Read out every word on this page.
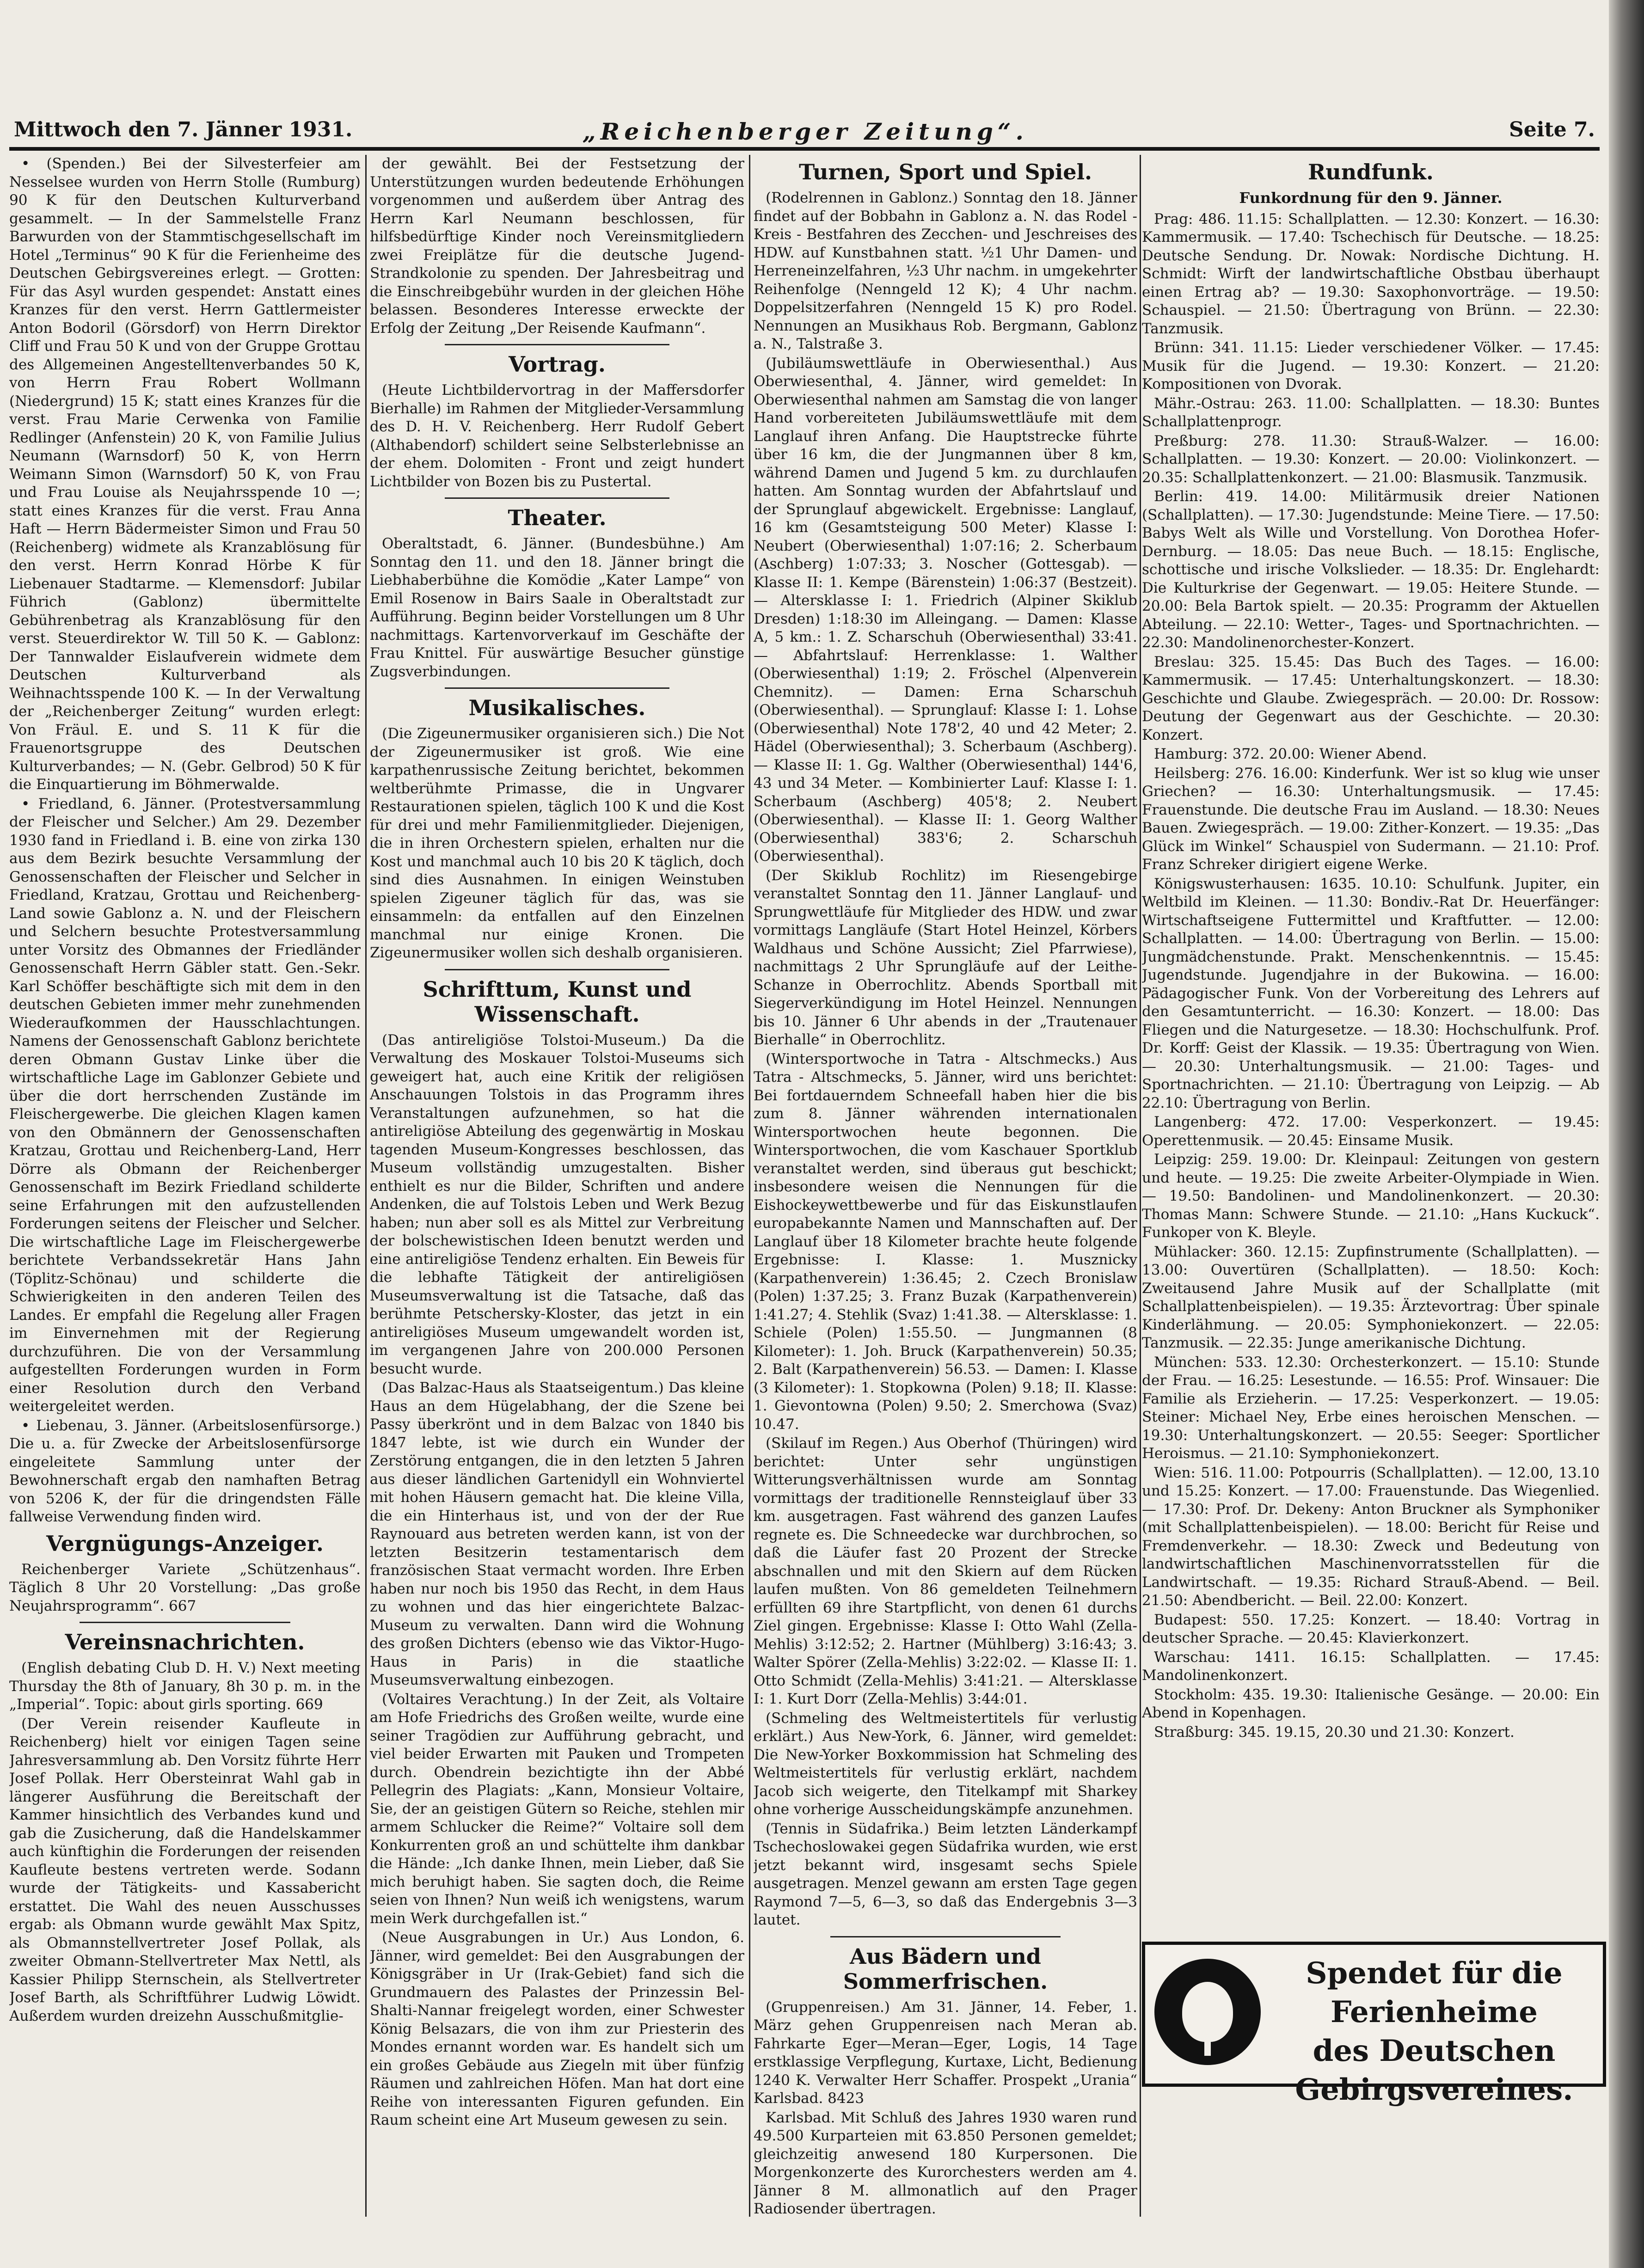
Mittwoch den 7. Jänner 1931.	„Reichenberger Zeitung“.	Seite 7.

• (Spenden.) Bei der Silvesterfeier am Nesselsee wurden von Herrn Stolle (Rumburg) 90 K für den Deutschen Kulturverband gesammelt. — In der Sammelstelle Franz Barwurden von der Stammtischgesellschaft im Hotel „Terminus“ 90 K für die Ferienheime des Deutschen Gebirgsvereines erlegt. — Grotten: Für das Asyl wurden gespendet: Anstatt eines Kranzes für den verst. Herrn Gattlermeister Anton Bodoril (Görsdorf) von Herrn Direktor Cliff und Frau 50 K und von der Gruppe Grottau des Allgemeinen Angestelltenverbandes 50 K, von Herrn Frau Robert Wollmann (Niedergrund) 15 K; statt eines Kranzes für die verst. Frau Marie Cerwenka von Familie Redlinger (Anfenstein) 20 K, von Familie Julius Neumann (Warnsdorf) 50 K, von Herrn Weimann Simon (Warnsdorf) 50 K, von Frau und Frau Louise als Neujahrsspende 10 —; statt eines Kranzes für die verst. Frau Anna Haft — Herrn Bädermeister Simon und Frau 50 (Reichenberg) widmete als Kranzablösung für den verst. Herrn Konrad Hörbe K für Liebenauer Stadtarme. — Klemensdorf: Jubilar Führich (Gablonz) übermittelte Gebührenbetrag als Kranzablösung für den verst. Steuerdirektor W. Till 50 K. — Gablonz: Der Tannwalder Eislaufverein widmete dem Deutschen Kulturverband als Weihnachtsspende 100 K. — In der Verwaltung der „Reichenberger Zeitung“ wurden erlegt: Von Fräul. E. und S. 11 K für die Frauenortsgruppe des Deutschen Kulturverbandes; — N. (Gebr. Gelbrod) 50 K für die Einquartierung im Böhmerwalde.

• Friedland, 6. Jänner. (Protestversammlung der Fleischer und Selcher.) Am 29. Dezember 1930 fand in Friedland i. B. eine von zirka 130 aus dem Bezirk besuchte Versammlung der Genossenschaften der Fleischer und Selcher in Friedland, Kratzau, Grottau und Reichenberg-Land sowie Gablonz a. N. und der Fleischern und Selchern besuchte Protestversammlung unter Vorsitz des Obmannes der Friedländer Genossenschaft Herrn Gäbler statt. Gen.-Sekr. Karl Schöffer beschäftigte sich mit dem in den deutschen Gebieten immer mehr zunehmenden Wiederaufkommen der Hausschlachtungen. Namens der Genossenschaft Gablonz berichtete deren Obmann Gustav Linke über die wirtschaftliche Lage im Gablonzer Gebiete und über die dort herrschenden Zustände im Fleischergewerbe. Die gleichen Klagen kamen von den Obmännern der Genossenschaften Kratzau, Grottau und Reichenberg-Land, Herr Dörre als Obmann der Reichenberger Genossenschaft im Bezirk Friedland schilderte seine Erfahrungen mit den aufzustellenden Forderungen seitens der Fleischer und Selcher. Die wirtschaftliche Lage im Fleischergewerbe berichtete Verbandssekretär Hans Jahn (Töplitz-Schönau) und schilderte die Schwierigkeiten in den anderen Teilen des Landes. Er empfahl die Regelung aller Fragen im Einvernehmen mit der Regierung durchzuführen. Die von der Versammlung aufgestellten Forderungen wurden in Form einer Resolution durch den Verband weitergeleitet werden.

• Liebenau, 3. Jänner. (Arbeitslosenfürsorge.) Die u. a. für Zwecke der Arbeitslosenfürsorge eingeleitete Sammlung unter der Bewohnerschaft ergab den namhaften Betrag von 5206 K, der für die dringendsten Fälle fallweise Verwendung finden wird.

Vergnügungs-Anzeiger.

Reichenberger Variete „Schützenhaus“. Täglich 8 Uhr 20 Vorstellung: „Das große Neujahrsprogramm“. 667

Vereinsnachrichten.

(English debating Club D. H. V.) Next meeting Thursday the 8th of January, 8h 30 p. m. in the „Imperial“. Topic: about girls sporting. 669

(Der Verein reisender Kaufleute in Reichenberg) hielt vor einigen Tagen seine Jahresversammlung ab. Den Vorsitz führte Herr Josef Pollak. Herr Obersteinrat Wahl gab in längerer Ausführung die Bereitschaft der Kammer hinsichtlich des Verbandes kund und gab die Zusicherung, daß die Handelskammer auch künftighin die Forderungen der reisenden Kaufleute bestens vertreten werde. Sodann wurde der Tätigkeits- und Kassabericht erstattet. Die Wahl des neuen Ausschusses ergab: als Obmann wurde gewählt Max Spitz, als Obmannstellvertreter Josef Pollak, als zweiter Obmann-Stellvertreter Max Nettl, als Kassier Philipp Sternschein, als Stellvertreter Josef Barth, als Schriftführer Ludwig Löwidt. Außerdem wurden dreizehn Ausschußmitglie-

der gewählt. Bei der Festsetzung der Unterstützungen wurden bedeutende Erhöhungen vorgenommen und außerdem über Antrag des Herrn Karl Neumann beschlossen, für hilfsbedürftige Kinder noch Vereinsmitgliedern zwei Freiplätze für die deutsche Jugend-Strandkolonie zu spenden. Der Jahresbeitrag und die Einschreibgebühr wurden in der gleichen Höhe belassen. Besonderes Interesse erweckte der Erfolg der Zeitung „Der Reisende Kaufmann“.

Vortrag.

(Heute Lichtbildervortrag in der Maffersdorfer Bierhalle) im Rahmen der Mitglieder-Versammlung des D. H. V. Reichenberg. Herr Rudolf Gebert (Althabendorf) schildert seine Selbsterlebnisse an der ehem. Dolomiten - Front und zeigt hundert Lichtbilder von Bozen bis zu Pustertal.

Theater.

Oberaltstadt, 6. Jänner. (Bundesbühne.) Am Sonntag den 11. und den 18. Jänner bringt die Liebhaberbühne die Komödie „Kater Lampe“ von Emil Rosenow in Bairs Saale in Oberaltstadt zur Aufführung. Beginn beider Vorstellungen um 8 Uhr nachmittags. Kartenvorverkauf im Geschäfte der Frau Knittel. Für auswärtige Besucher günstige Zugsverbindungen.

Musikalisches.

(Die Zigeunermusiker organisieren sich.) Die Not der Zigeunermusiker ist groß. Wie eine karpathenrussische Zeitung berichtet, bekommen weltberühmte Primasse, die in Ungvarer Restaurationen spielen, täglich 100 K und die Kost für drei und mehr Familienmitglieder. Diejenigen, die in ihren Orchestern spielen, erhalten nur die Kost und manchmal auch 10 bis 20 K täglich, doch sind dies Ausnahmen. In einigen Weinstuben spielen Zigeuner täglich für das, was sie einsammeln: da entfallen auf den Einzelnen manchmal nur einige Kronen. Die Zigeunermusiker wollen sich deshalb organisieren.

Schrifttum, Kunst und Wissenschaft.

(Das antireligiöse Tolstoi-Museum.) Da die Verwaltung des Moskauer Tolstoi-Museums sich geweigert hat, auch eine Kritik der religiösen Anschauungen Tolstois in das Programm ihres Veranstaltungen aufzunehmen, so hat die antireligiöse Abteilung des gegenwärtig in Moskau tagenden Museum-Kongresses beschlossen, das Museum vollständig umzugestalten. Bisher enthielt es nur die Bilder, Schriften und andere Andenken, die auf Tolstois Leben und Werk Bezug haben; nun aber soll es als Mittel zur Verbreitung der bolschewistischen Ideen benutzt werden und eine antireligiöse Tendenz erhalten. Ein Beweis für die lebhafte Tätigkeit der antireligiösen Museumsverwaltung ist die Tatsache, daß das berühmte Petschersky-Kloster, das jetzt in ein antireligiöses Museum umgewandelt worden ist, im vergangenen Jahre von 200.000 Personen besucht wurde.

(Das Balzac-Haus als Staatseigentum.) Das kleine Haus an dem Hügelabhang, der die Szene bei Passy überkrönt und in dem Balzac von 1840 bis 1847 lebte, ist wie durch ein Wunder der Zerstörung entgangen, die in den letzten 5 Jahren aus dieser ländlichen Gartenidyll ein Wohnviertel mit hohen Häusern gemacht hat. Die kleine Villa, die ein Hinterhaus ist, und von der der Rue Raynouard aus betreten werden kann, ist von der letzten Besitzerin testamentarisch dem französischen Staat vermacht worden. Ihre Erben haben nur noch bis 1950 das Recht, in dem Haus zu wohnen und das hier eingerichtete Balzac-Museum zu verwalten. Dann wird die Wohnung des großen Dichters (ebenso wie das Viktor-Hugo-Haus in Paris) in die staatliche Museumsverwaltung einbezogen.

(Voltaires Verachtung.) In der Zeit, als Voltaire am Hofe Friedrichs des Großen weilte, wurde eine seiner Tragödien zur Aufführung gebracht, und viel beider Erwarten mit Pauken und Trompeten durch. Obendrein bezichtigte ihn der Abbé Pellegrin des Plagiats: „Kann, Monsieur Voltaire, Sie, der an geistigen Gütern so Reiche, stehlen mir armem Schlucker die Reime?“ Voltaire soll dem Konkurrenten groß an und schüttelte ihm dankbar die Hände: „Ich danke Ihnen, mein Lieber, daß Sie mich beruhigt haben. Sie sagten doch, die Reime seien von Ihnen? Nun weiß ich wenigstens, warum mein Werk durchgefallen ist.“

(Neue Ausgrabungen in Ur.) Aus London, 6. Jänner, wird gemeldet: Bei den Ausgrabungen der Königsgräber in Ur (Irak-Gebiet) fand sich die Grundmauern des Palastes der Prinzessin Bel-Shalti-Nannar freigelegt worden, einer Schwester König Belsazars, die von ihm zur Priesterin des Mondes ernannt worden war. Es handelt sich um ein großes Gebäude aus Ziegeln mit über fünfzig Räumen und zahlreichen Höfen. Man hat dort eine Reihe von interessanten Figuren gefunden. Ein Raum scheint eine Art Museum gewesen zu sein.

Turnen, Sport und Spiel.

(Rodelrennen in Gablonz.) Sonntag den 18. Jänner findet auf der Bobbahn in Gablonz a. N. das Rodel - Kreis - Bestfahren des Zecchen- und Jeschreises des HDW. auf Kunstbahnen statt. ½1 Uhr Damen- und Herreneinzelfahren, ½3 Uhr nachm. in umgekehrter Reihenfolge (Nenngeld 12 K); 4 Uhr nachm. Doppelsitzerfahren (Nenngeld 15 K) pro Rodel. Nennungen an Musikhaus Rob. Bergmann, Gablonz a. N., Talstraße 3.

(Jubiläumswettläufe in Oberwiesenthal.) Aus Oberwiesenthal, 4. Jänner, wird gemeldet: In Oberwiesenthal nahmen am Samstag die von langer Hand vorbereiteten Jubiläumswettläufe mit dem Langlauf ihren Anfang. Die Hauptstrecke führte über 16 km, die der Jungmannen über 8 km, während Damen und Jugend 5 km. zu durchlaufen hatten. Am Sonntag wurden der Abfahrtslauf und der Sprunglauf abgewickelt. Ergebnisse: Langlauf, 16 km (Gesamtsteigung 500 Meter) Klasse I: Neubert (Oberwiesenthal) 1:07:16; 2. Scherbaum (Aschberg) 1:07:33; 3. Noscher (Gottesgab). — Klasse II: 1. Kempe (Bärenstein) 1:06:37 (Bestzeit). — Altersklasse I: 1. Friedrich (Alpiner Skiklub Dresden) 1:18:30 im Alleingang. — Damen: Klasse A, 5 km.: 1. Z. Scharschuh (Oberwiesenthal) 33:41. — Abfahrtslauf: Herrenklasse: 1. Walther (Oberwiesenthal) 1:19; 2. Fröschel (Alpenverein Chemnitz). — Damen: Erna Scharschuh (Oberwiesenthal). — Sprunglauf: Klasse I: 1. Lohse (Oberwiesenthal) Note 178'2, 40 und 42 Meter; 2. Hädel (Oberwiesenthal); 3. Scherbaum (Aschberg). — Klasse II: 1. Gg. Walther (Oberwiesenthal) 144'6, 43 und 34 Meter. — Kombinierter Lauf: Klasse I: 1. Scherbaum (Aschberg) 405'8; 2. Neubert (Oberwiesenthal). — Klasse II: 1. Georg Walther (Oberwiesenthal) 383'6; 2. Scharschuh (Oberwiesenthal).

(Der Skiklub Rochlitz) im Riesengebirge veranstaltet Sonntag den 11. Jänner Langlauf- und Sprungwettläufe für Mitglieder des HDW. und zwar vormittags Langläufe (Start Hotel Heinzel, Körbers Waldhaus und Schöne Aussicht; Ziel Pfarrwiese), nachmittags 2 Uhr Sprungläufe auf der Leithe-Schanze in Oberrochlitz. Abends Sportball mit Siegerverkündigung im Hotel Heinzel. Nennungen bis 10. Jänner 6 Uhr abends in der „Trautenauer Bierhalle“ in Oberrochlitz.

(Wintersportwoche in Tatra - Altschmecks.) Aus Tatra - Altschmecks, 5. Jänner, wird uns berichtet: Bei fortdauerndem Schneefall haben hier die bis zum 8. Jänner währenden internationalen Wintersportwochen heute begonnen. Die Wintersportwochen, die vom Kaschauer Sportklub veranstaltet werden, sind überaus gut beschickt; insbesondere weisen die Nennungen für die Eishockeywettbewerbe und für das Eiskunstlaufen europabekannte Namen und Mannschaften auf. Der Langlauf über 18 Kilometer brachte heute folgende Ergebnisse: I. Klasse: 1. Musznicky (Karpathenverein) 1:36.45; 2. Czech Bronislaw (Polen) 1:37.25; 3. Franz Buzak (Karpathenverein) 1:41.27; 4. Stehlik (Svaz) 1:41.38. — Altersklasse: 1. Schiele (Polen) 1:55.50. — Jungmannen (8 Kilometer): 1. Joh. Bruck (Karpathenverein) 50.35; 2. Balt (Karpathenverein) 56.53. — Damen: I. Klasse (3 Kilometer): 1. Stopkowna (Polen) 9.18; II. Klasse: 1. Gievontowna (Polen) 9.50; 2. Smerchowa (Svaz) 10.47.

(Skilauf im Regen.) Aus Oberhof (Thüringen) wird berichtet: Unter sehr ungünstigen Witterungsverhältnissen wurde am Sonntag vormittags der traditionelle Rennsteiglauf über 33 km. ausgetragen. Fast während des ganzen Laufes regnete es. Die Schneedecke war durchbrochen, so daß die Läufer fast 20 Prozent der Strecke abschnallen und mit den Skiern auf dem Rücken laufen mußten. Von 86 gemeldeten Teilnehmern erfüllten 69 ihre Startpflicht, von denen 61 durchs Ziel gingen. Ergebnisse: Klasse I: Otto Wahl (Zella-Mehlis) 3:12:52; 2. Hartner (Mühlberg) 3:16:43; 3. Walter Spörer (Zella-Mehlis) 3:22:02. — Klasse II: 1. Otto Schmidt (Zella-Mehlis) 3:41:21. — Altersklasse I: 1. Kurt Dorr (Zella-Mehlis) 3:44:01.

(Schmeling des Weltmeistertitels für verlustig erklärt.) Aus New-York, 6. Jänner, wird gemeldet: Die New-Yorker Boxkommission hat Schmeling des Weltmeistertitels für verlustig erklärt, nachdem Jacob sich weigerte, den Titelkampf mit Sharkey ohne vorherige Ausscheidungskämpfe anzunehmen.

(Tennis in Südafrika.) Beim letzten Länderkampf Tschechoslowakei gegen Südafrika wurden, wie erst jetzt bekannt wird, insgesamt sechs Spiele ausgetragen. Menzel gewann am ersten Tage gegen Raymond 7—5, 6—3, so daß das Endergebnis 3—3 lautet.

Aus Bädern und Sommerfrischen.

(Gruppenreisen.) Am 31. Jänner, 14. Feber, 1. März gehen Gruppenreisen nach Meran ab. Fahrkarte Eger—Meran—Eger, Logis, 14 Tage erstklassige Verpflegung, Kurtaxe, Licht, Bedienung 1240 K. Verwalter Herr Schaffer. Prospekt „Urania“ Karlsbad. 8423

Karlsbad. Mit Schluß des Jahres 1930 waren rund 49.500 Kurparteien mit 63.850 Personen gemeldet; gleichzeitig anwesend 180 Kurpersonen. Die Morgenkonzerte des Kurorchesters werden am 4. Jänner 8 M. allmonatlich auf den Prager Radiosender übertragen.

Rundfunk.
Funkordnung für den 9. Jänner.

Prag: 486. 11.15: Schallplatten. — 12.30: Konzert. — 16.30: Kammermusik. — 17.40: Tschechisch für Deutsche. — 18.25: Deutsche Sendung. Dr. Nowak: Nordische Dichtung. H. Schmidt: Wirft der landwirtschaftliche Obstbau überhaupt einen Ertrag ab? — 19.30: Saxophonvorträge. — 19.50: Schauspiel. — 21.50: Übertragung von Brünn. — 22.30: Tanzmusik.

Brünn: 341. 11.15: Lieder verschiedener Völker. — 17.45: Musik für die Jugend. — 19.30: Konzert. — 21.20: Kompositionen von Dvorak.

Mähr.-Ostrau: 263. 11.00: Schallplatten. — 18.30: Buntes Schallplattenprogr.

Preßburg: 278. 11.30: Strauß-Walzer. — 16.00: Schallplatten. — 19.30: Konzert. — 20.00: Violinkonzert. — 20.35: Schallplattenkonzert. — 21.00: Blasmusik. Tanzmusik.

Berlin: 419. 14.00: Militärmusik dreier Nationen (Schallplatten). — 17.30: Jugendstunde: Meine Tiere. — 17.50: Babys Welt als Wille und Vorstellung. Von Dorothea Hofer-Dernburg. — 18.05: Das neue Buch. — 18.15: Englische, schottische und irische Volkslieder. — 18.35: Dr. Englehardt: Die Kulturkrise der Gegenwart. — 19.05: Heitere Stunde. — 20.00: Bela Bartok spielt. — 20.35: Programm der Aktuellen Abteilung. — 22.10: Wetter-, Tages- und Sportnachrichten. — 22.30: Mandolinenorchester-Konzert.

Breslau: 325. 15.45: Das Buch des Tages. — 16.00: Kammermusik. — 17.45: Unterhaltungskonzert. — 18.30: Geschichte und Glaube. Zwiegespräch. — 20.00: Dr. Rossow: Deutung der Gegenwart aus der Geschichte. — 20.30: Konzert.

Hamburg: 372. 20.00: Wiener Abend.

Heilsberg: 276. 16.00: Kinderfunk. Wer ist so klug wie unser Griechen? — 16.30: Unterhaltungsmusik. — 17.45: Frauenstunde. Die deutsche Frau im Ausland. — 18.30: Neues Bauen. Zwiegespräch. — 19.00: Zither-Konzert. — 19.35: „Das Glück im Winkel“ Schauspiel von Sudermann. — 21.10: Prof. Franz Schreker dirigiert eigene Werke.

Königswusterhausen: 1635. 10.10: Schulfunk. Jupiter, ein Weltbild im Kleinen. — 11.30: Bondiv.-Rat Dr. Heuerfänger: Wirtschaftseigene Futtermittel und Kraftfutter. — 12.00: Schallplatten. — 14.00: Übertragung von Berlin. — 15.00: Jungmädchenstunde. Prakt. Menschenkenntnis. — 15.45: Jugendstunde. Jugendjahre in der Bukowina. — 16.00: Pädagogischer Funk. Von der Vorbereitung des Lehrers auf den Gesamtunterricht. — 16.30: Konzert. — 18.00: Das Fliegen und die Naturgesetze. — 18.30: Hochschulfunk. Prof. Dr. Korff: Geist der Klassik. — 19.35: Übertragung von Wien. — 20.30: Unterhaltungsmusik. — 21.00: Tages- und Sportnachrichten. — 21.10: Übertragung von Leipzig. — Ab 22.10: Übertragung von Berlin.

Langenberg: 472. 17.00: Vesperkonzert. — 19.45: Operettenmusik. — 20.45: Einsame Musik.

Leipzig: 259. 19.00: Dr. Kleinpaul: Zeitungen von gestern und heute. — 19.25: Die zweite Arbeiter-Olympiade in Wien. — 19.50: Bandolinen- und Mandolinenkonzert. — 20.30: Thomas Mann: Schwere Stunde. — 21.10: „Hans Kuckuck“. Funkoper von K. Bleyle.

Mühlacker: 360. 12.15: Zupfinstrumente (Schallplatten). — 13.00: Ouvertüren (Schallplatten). — 18.50: Koch: Zweitausend Jahre Musik auf der Schallplatte (mit Schallplattenbeispielen). — 19.35: Ärztevortrag: Über spinale Kinderlähmung. — 20.05: Symphoniekonzert. — 22.05: Tanzmusik. — 22.35: Junge amerikanische Dichtung.

München: 533. 12.30: Orchesterkonzert. — 15.10: Stunde der Frau. — 16.25: Lesestunde. — 16.55: Prof. Winsauer: Die Familie als Erzieherin. — 17.25: Vesperkonzert. — 19.05: Steiner: Michael Ney, Erbe eines heroischen Menschen. — 19.30: Unterhaltungskonzert. — 20.55: Seeger: Sportlicher Heroismus. — 21.10: Symphoniekonzert.

Wien: 516. 11.00: Potpourris (Schallplatten). — 12.00, 13.10 und 15.25: Konzert. — 17.00: Frauenstunde. Das Wiegenlied. — 17.30: Prof. Dr. Dekeny: Anton Bruckner als Symphoniker (mit Schallplattenbeispielen). — 18.00: Bericht für Reise und Fremdenverkehr. — 18.30: Zweck und Bedeutung von landwirtschaftlichen Maschinenvorratsstellen für die Landwirtschaft. — 19.35: Richard Strauß-Abend. — Beil. 21.50: Abendbericht. — Beil. 22.00: Konzert.

Budapest: 550. 17.25: Konzert. — 18.40: Vortrag in deutscher Sprache. — 20.45: Klavierkonzert.

Warschau: 1411. 16.15: Schallplatten. — 17.45: Mandolinenkonzert.

Stockholm: 435. 19.30: Italienische Gesänge. — 20.00: Ein Abend in Kopenhagen.

Straßburg: 345. 19.15, 20.30 und 21.30: Konzert.

Spendet für die
Ferienheime
des Deutschen
Gebirgsvereines.
